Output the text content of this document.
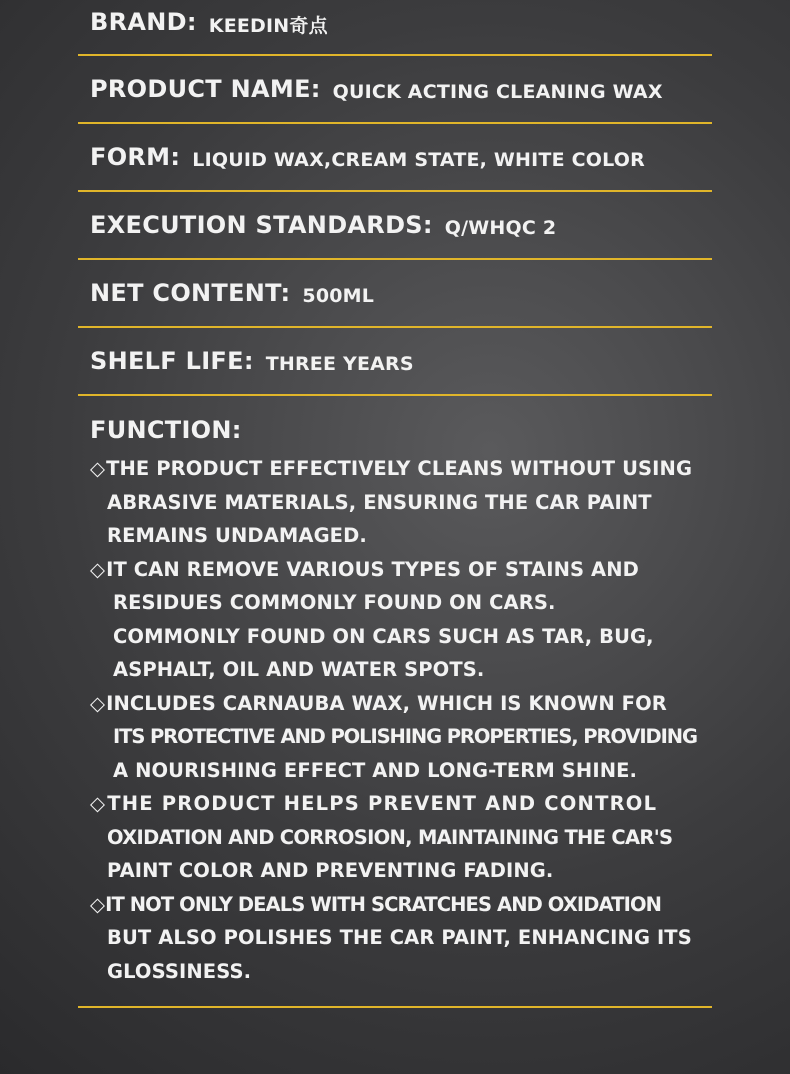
BRAND: KEEDIN奇点
PRODUCT NAME: QUICK ACTING CLEANING WAX
FORM: LIQUID WAX,CREAM STATE, WHITE COLOR
EXECUTION STANDARDS: Q/WHQC 2
NET CONTENT: 500ML
SHELF LIFE: THREE YEARS
FUNCTION:
◇THE PRODUCT EFFECTIVELY CLEANS WITHOUT USING
ABRASIVE MATERIALS, ENSURING THE CAR PAINT
REMAINS UNDAMAGED.
◇IT CAN REMOVE VARIOUS TYPES OF STAINS AND
RESIDUES COMMONLY FOUND ON CARS.
COMMONLY FOUND ON CARS SUCH AS TAR, BUG,
ASPHALT, OIL AND WATER SPOTS.
◇INCLUDES CARNAUBA WAX, WHICH IS KNOWN FOR
ITS PROTECTIVE AND POLISHING PROPERTIES, PROVIDING
A NOURISHING EFFECT AND LONG-TERM SHINE.
◇THE PRODUCT HELPS PREVENT AND CONTROL
OXIDATION AND CORROSION, MAINTAINING THE CAR'S
PAINT COLOR AND PREVENTING FADING.
◇IT NOT ONLY DEALS WITH SCRATCHES AND OXIDATION
BUT ALSO POLISHES THE CAR PAINT, ENHANCING ITS
GLOSSINESS.
